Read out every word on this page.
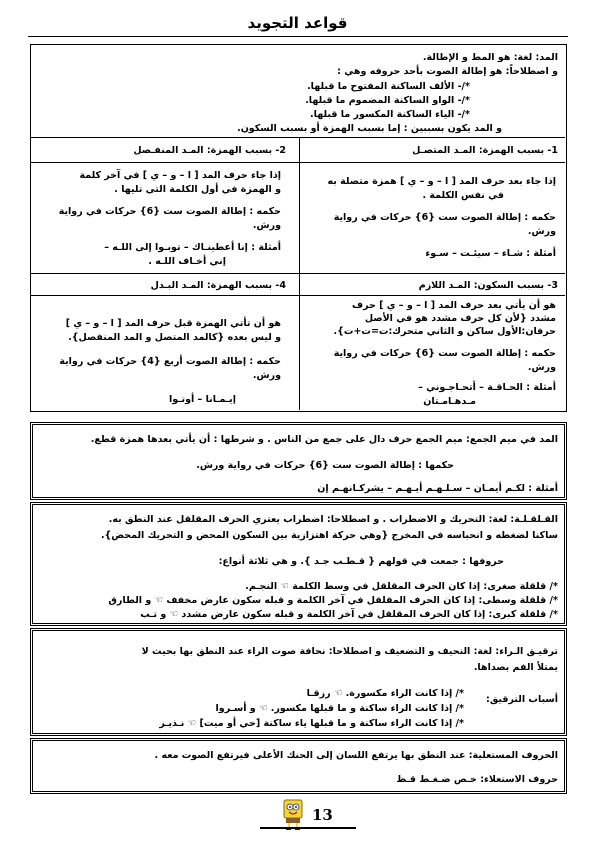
قواعد التجويد
المد: لغة: هو المط و الإطالة.
و اصطلاحاً: هو إطالة الصوت بأحد حروفه وهي :
*/- الألف الساكنة المفتوح ما قبلها.
*/- الواو الساكنة المضموم ما قبلها.
*/- الياء الساكنة المكسور ما قبلها.
و المد يكون بسببين : إما بسبب الهمزة أو بسبب السكون.
1- بسبب الهمزة: المـد المتصـل
2- بسبب الهمزة: المـد المنفـصل
إذا جاء بعد حرف المد [ ا – و – ي ] همزة متصلة به
في نفس الكلمة .
حكمه : إطالة الصوت ست {6} حركات في رواية
ورش.
أمثلة : شـاء – سيئـت – سـوء
إذا جاء حرف المد [ ا – و – ي ] في آخر كلمة
و الهمزة في أول الكلمة التي تليها .
حكمه : إطالة الصوت ست {6} حركات في رواية
ورش.
أمثلة : إنا أعطينـاك – توبـوا إلى اللـه –
إني أخـاف اللـه .
3- بسبب السكون: المـد اللازم
4- بسبب الهمزة: المـد البـدل
هو أن يأتي بعد حرف المد [ ا – و – ي ] حرف
مشدد {لأن كل حرف مشدد هو في الأصل
حرفان:الأول ساكن و الثاني متحرك:ت=ت+ت}.
حكمه : إطالة الصوت ست {6} حركات في رواية
ورش.
أمثلة : الحـاقـة – أتحـاجـوني –
مـدهـامـتان
هو أن تأتي الهمزة قبل حرف المد [ ا – و – ي ]
و ليس بعده {كالمد المتصل و المد المنفصل}.
حكمه : إطالة الصوت أربع {4} حركات في رواية
ورش.
إيـمـانا – أوتـوا
المد في ميم الجمع: ميم الجمع حرف دال على جمع من الناس . و شرطها : أن يأتي بعدها همزة قطع.
حكمها : إطالة الصوت ست {6} حركات في رواية ورش.
أمثلة : لكـم أيمـان – سـلـهـم أيـهـم – يشركـانهـم إن
القـلقـلـة: لغة: التحريك و الاضطراب . و اصطلاحا: اضطراب يعتري الحرف المقلقل عند النطق به.
ساكنا لضغطه و انحباسه في المخرج {وهي حركة اهتزازية بين السكون المحض و التحريك المحض}.
حروفها : جمعت في قولهم { قـطـب جـد }. و هي ثلاثة أنواع:
*/ قلقلة صغرى: إذا كان الحرف المقلقل في وسط الكلمة ☜ النجـم.
*/ قلقلة وسطى: إذا كان الحرف المقلقل في آخر الكلمة و قبله سكون عارض مخفف ☜ و الطارق
*/ قلقلة كبرى: إذا كان الحرف المقلقل في آخر الكلمة و قبله سكون عارض مشدد ☜ و تـب
ترقيـق الـراء: لغة: النحيف و التضعيف و اصطلاحا: نحافة صوت الراء عند النطق بها بحيث لا
يمتلأ الفم بصداها.
أسباب الترقيق:
*/ إذا كانت الراء مكسورة. ☜ رزقـا
*/ إذا كانت الراء ساكنة و ما قبلها مكسور. ☜ و أسـروا
*/ إذا كانت الراء ساكنة و ما قبلها ياء ساكنة [حي أو ميت] ☜ نـذيـر
الحروف المستعلية: عند النطق بها يرتفع اللسان إلى الحنك الأعلى فيرتفع الصوت معه .
حروف الاستعلاء: خـص ضـغـط قـظ
13
